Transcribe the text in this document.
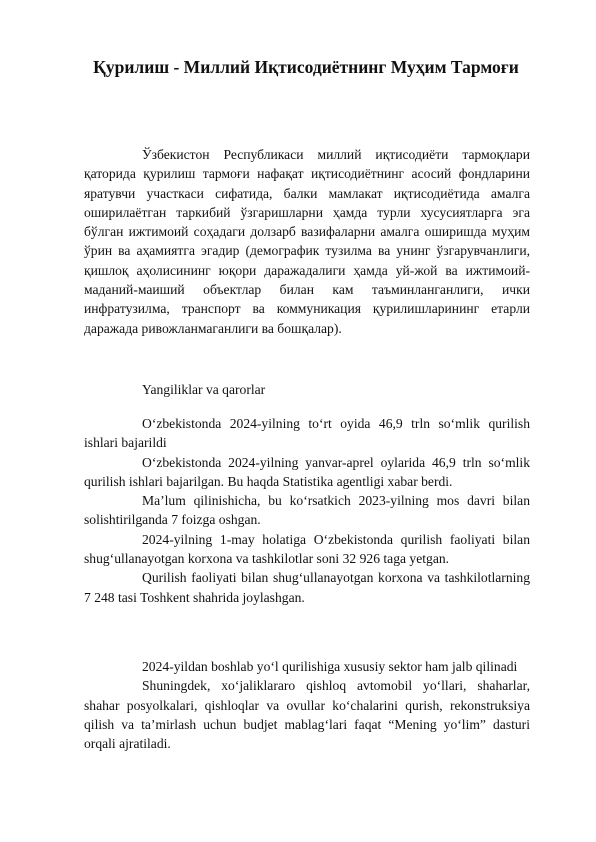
Қурилиш - Миллий Иқтисодиётнинг Муҳим Тармоғи

Ўзбекистон Республикаси миллий иқтисодиёти тармоқлари қаторида қурилиш тармоғи нафақат иқтисодиётнинг асосий фондларини яратувчи участкаси сифатида, балки мамлакат иқтисодиётида амалга оширилаётган таркибий ўзгаришларни ҳамда турли хусусиятларга эга бўлган ижтимоий соҳадаги долзарб вазифаларни амалга оширишда муҳим ўрин ва аҳамиятга эгадир (демографик тузилма ва унинг ўзгарувчанлиги, қишлоқ аҳолисининг юқори даражадалиги ҳамда уй-жой ва ижтимоий-маданий-маиший объектлар билан кам таъминланганлиги, ички инфратузилма, транспорт ва коммуникация қурилишларининг етарли даражада ривожланмаганлиги ва бошқалар).

Yangiliklar va qarorlar

O‘zbekistonda 2024-yilning to‘rt oyida 46,9 trln so‘mlik qurilish ishlari bajarildi

O‘zbekistonda 2024-yilning yanvar-aprel oylarida 46,9 trln so‘mlik qurilish ishlari bajarilgan. Bu haqda Statistika agentligi xabar berdi.

Ma’lum qilinishicha, bu ko‘rsatkich 2023-yilning mos davri bilan solishtirilganda 7 foizga oshgan.

2024-yilning 1-may holatiga O‘zbekistonda qurilish faoliyati bilan shug‘ullanayotgan korxona va tashkilotlar soni 32 926 taga yetgan.

Qurilish faoliyati bilan shug‘ullanayotgan korxona va tashkilotlarning 7 248 tasi Toshkent shahrida joylashgan.

2024-yildan boshlab yo‘l qurilishiga xususiy sektor ham jalb qilinadi

Shuningdek, xo‘jaliklararo qishloq avtomobil yo‘llari, shaharlar, shahar posyolkalari, qishloqlar va ovullar ko‘chalarini qurish, rekonstruksiya qilish va ta’mirlash uchun budjet mablag‘lari faqat “Mening yo‘lim” dasturi orqali ajratiladi.
